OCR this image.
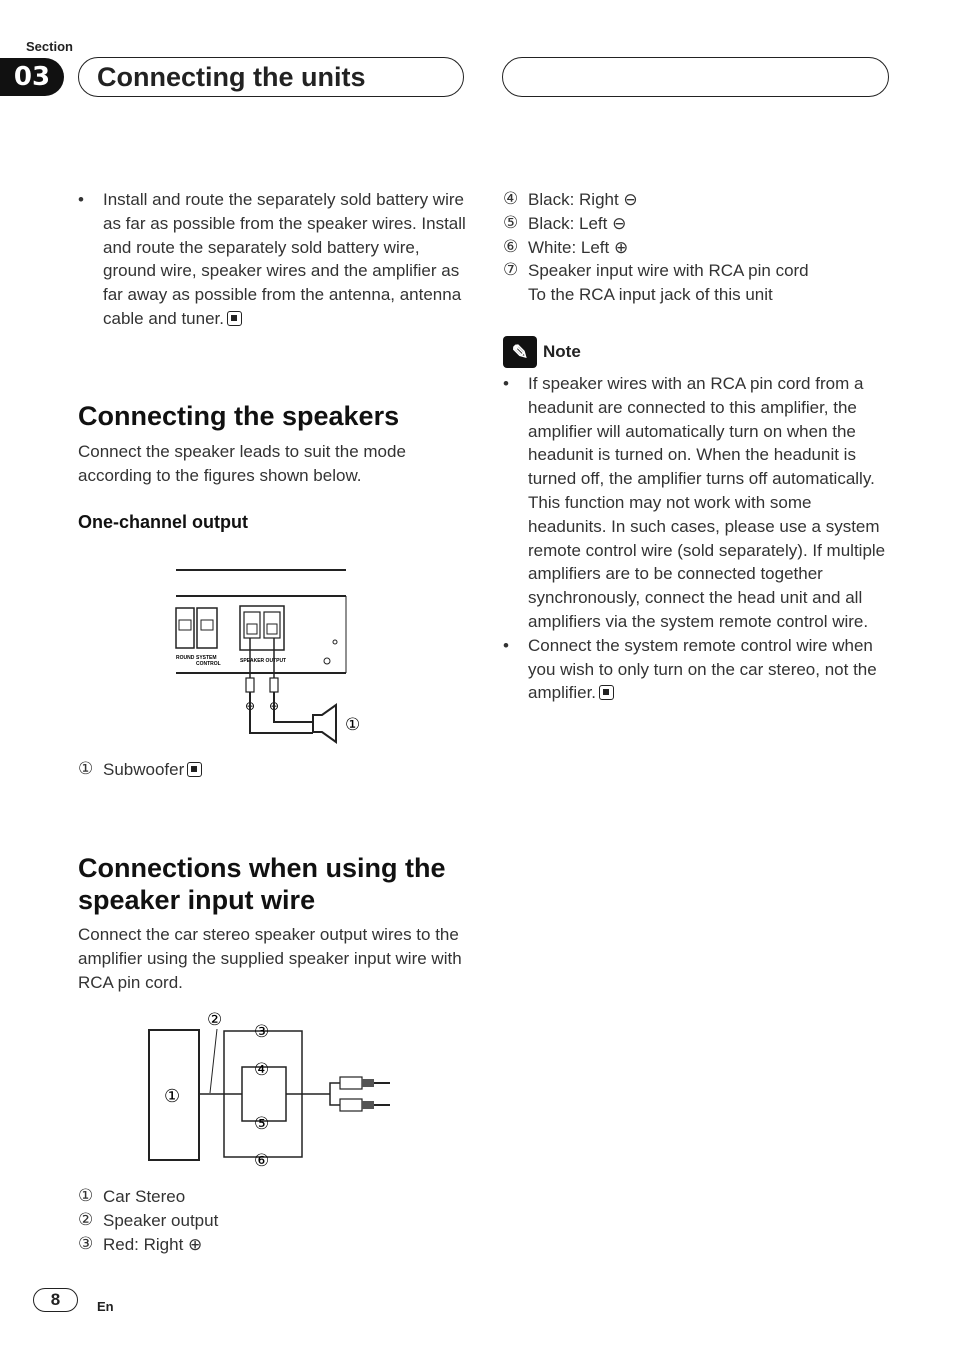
Section
03	Connecting the units
•	Install and route the separately sold battery wire as far as possible from the speaker wires. Install and route the separately sold battery wire, ground wire, speaker wires and the amplifier as far away as possible from the antenna, antenna cable and tuner.
Connecting the speakers
Connect the speaker leads to suit the mode according to the figures shown below.
One-channel output
ROUND SYSTEM
CONTROL	SPEAKER OUTPUT
⊖ ⊕
①
① Subwoofer
Connections when using the speaker input wire
Connect the car stereo speaker output wires to the amplifier using the supplied speaker input wire with RCA pin cord.
①
②
③
④
⑤
⑥
① Car Stereo
② Speaker output
③ Red: Right ⊕
④ Black: Right ⊖
⑤ Black: Left ⊖
⑥ White: Left ⊕
⑦ Speaker input wire with RCA pin cord
To the RCA input jack of this unit
✎ Note
•	If speaker wires with an RCA pin cord from a headunit are connected to this amplifier, the amplifier will automatically turn on when the headunit is turned on. When the headunit is turned off, the amplifier turns off automatically. This function may not work with some headunits. In such cases, please use a system remote control wire (sold separately). If multiple amplifiers are to be connected together synchronously, connect the head unit and all amplifiers via the system remote control wire.
•	Connect the system remote control wire when you wish to only turn on the car stereo, not the amplifier.
8	En
